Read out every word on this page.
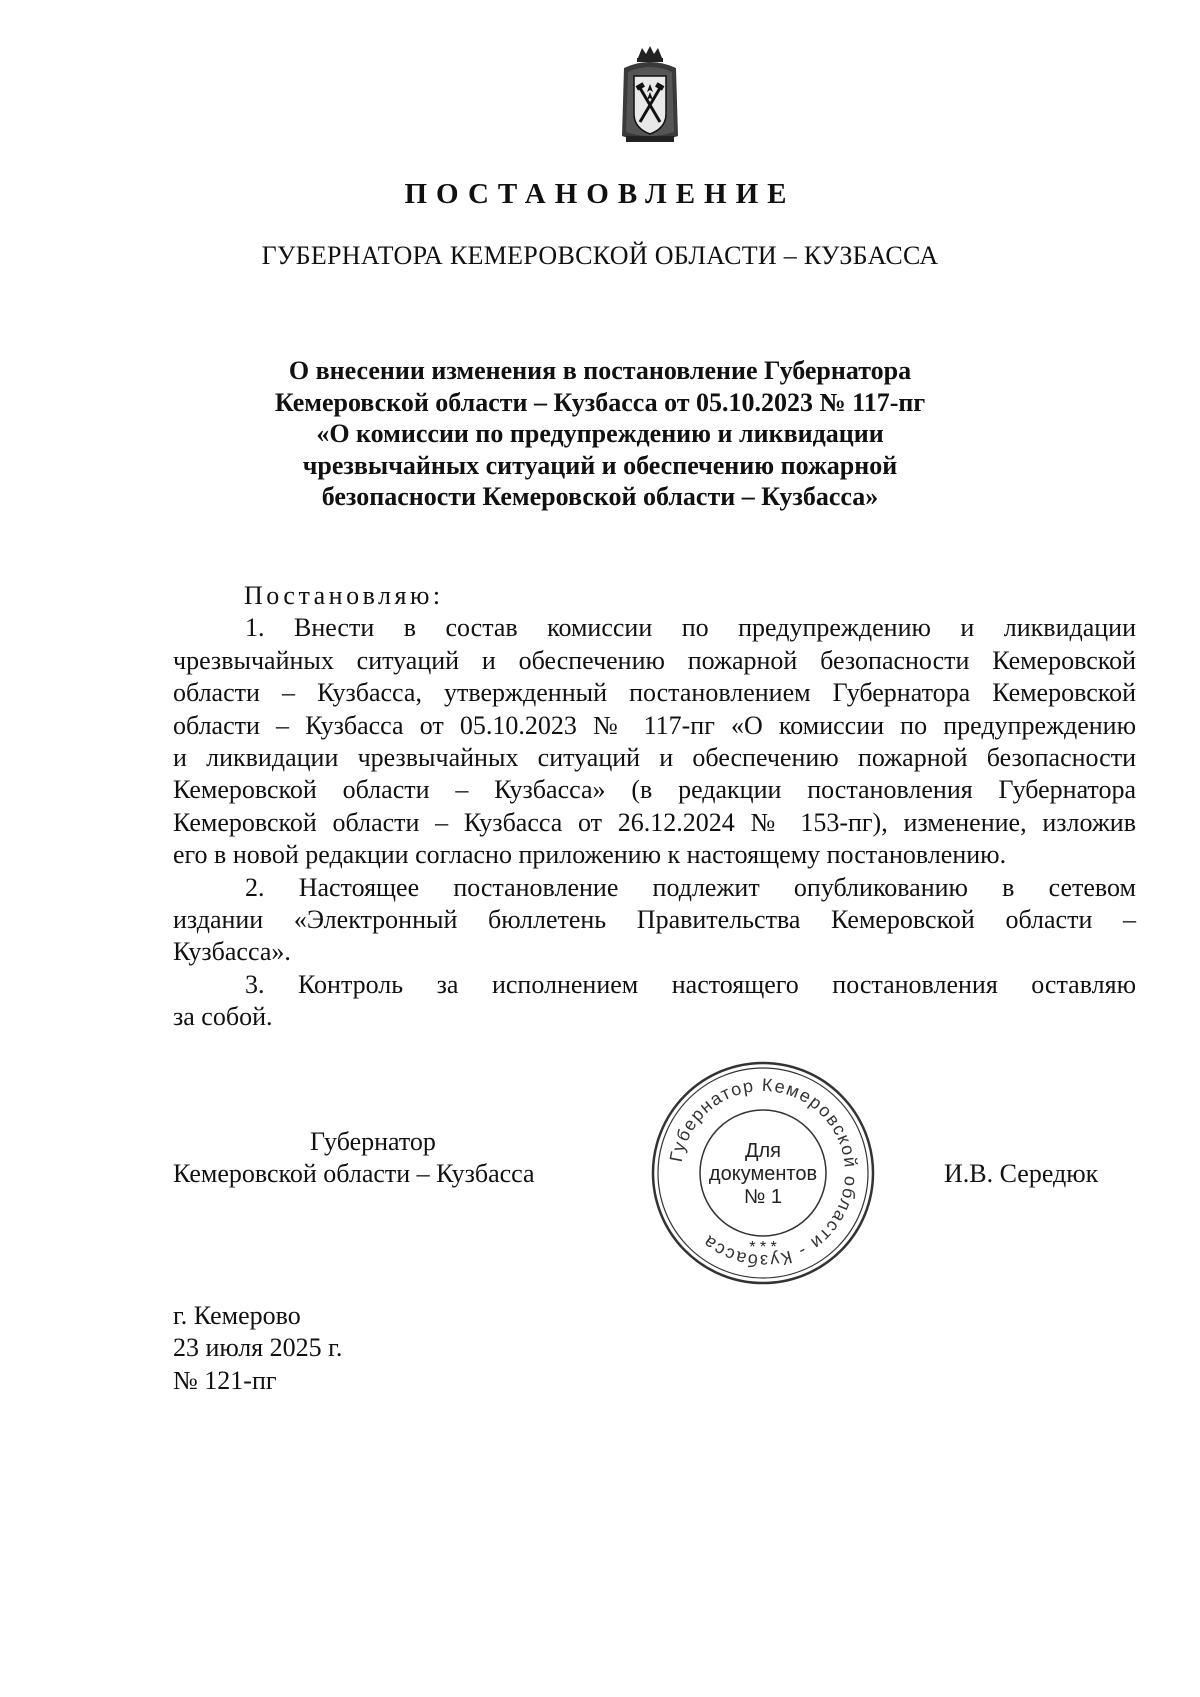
ПОСТАНОВЛЕНИЕ
ГУБЕРНАТОРА КЕМЕРОВСКОЙ ОБЛАСТИ – КУЗБАССА
О внесении изменения в постановление Губернатора
Кемеровской области – Кузбасса от 05.10.2023 № 117-пг
«О комиссии по предупреждению и ликвидации
чрезвычайных ситуаций и обеспечению пожарной
безопасности Кемеровской области – Кузбасса»
Постановляю:
1. Внести в состав комиссии по предупреждению и ликвидации
чрезвычайных ситуаций и обеспечению пожарной безопасности Кемеровской
области – Кузбасса, утвержденный постановлением Губернатора Кемеровской
области – Кузбасса от 05.10.2023 № 117-пг «О комиссии по предупреждению
и ликвидации чрезвычайных ситуаций и обеспечению пожарной безопасности
Кемеровской области – Кузбасса» (в редакции постановления Губернатора
Кемеровской области – Кузбасса от 26.12.2024 № 153-пг), изменение, изложив
его в новой редакции согласно приложению к настоящему постановлению.
2. Настоящее постановление подлежит опубликованию в сетевом
издании «Электронный бюллетень Правительства Кемеровской области –
Кузбасса».
3. Контроль за исполнением настоящего постановления оставляю
за собой.
Губернатор
Кемеровской области – Кузбасса
Губернатор Кемеровской области - Кузбасса
Для
документов
№ 1
* * *
И.В. Середюк
г. Кемерово
23 июля 2025 г.
№ 121-пг
